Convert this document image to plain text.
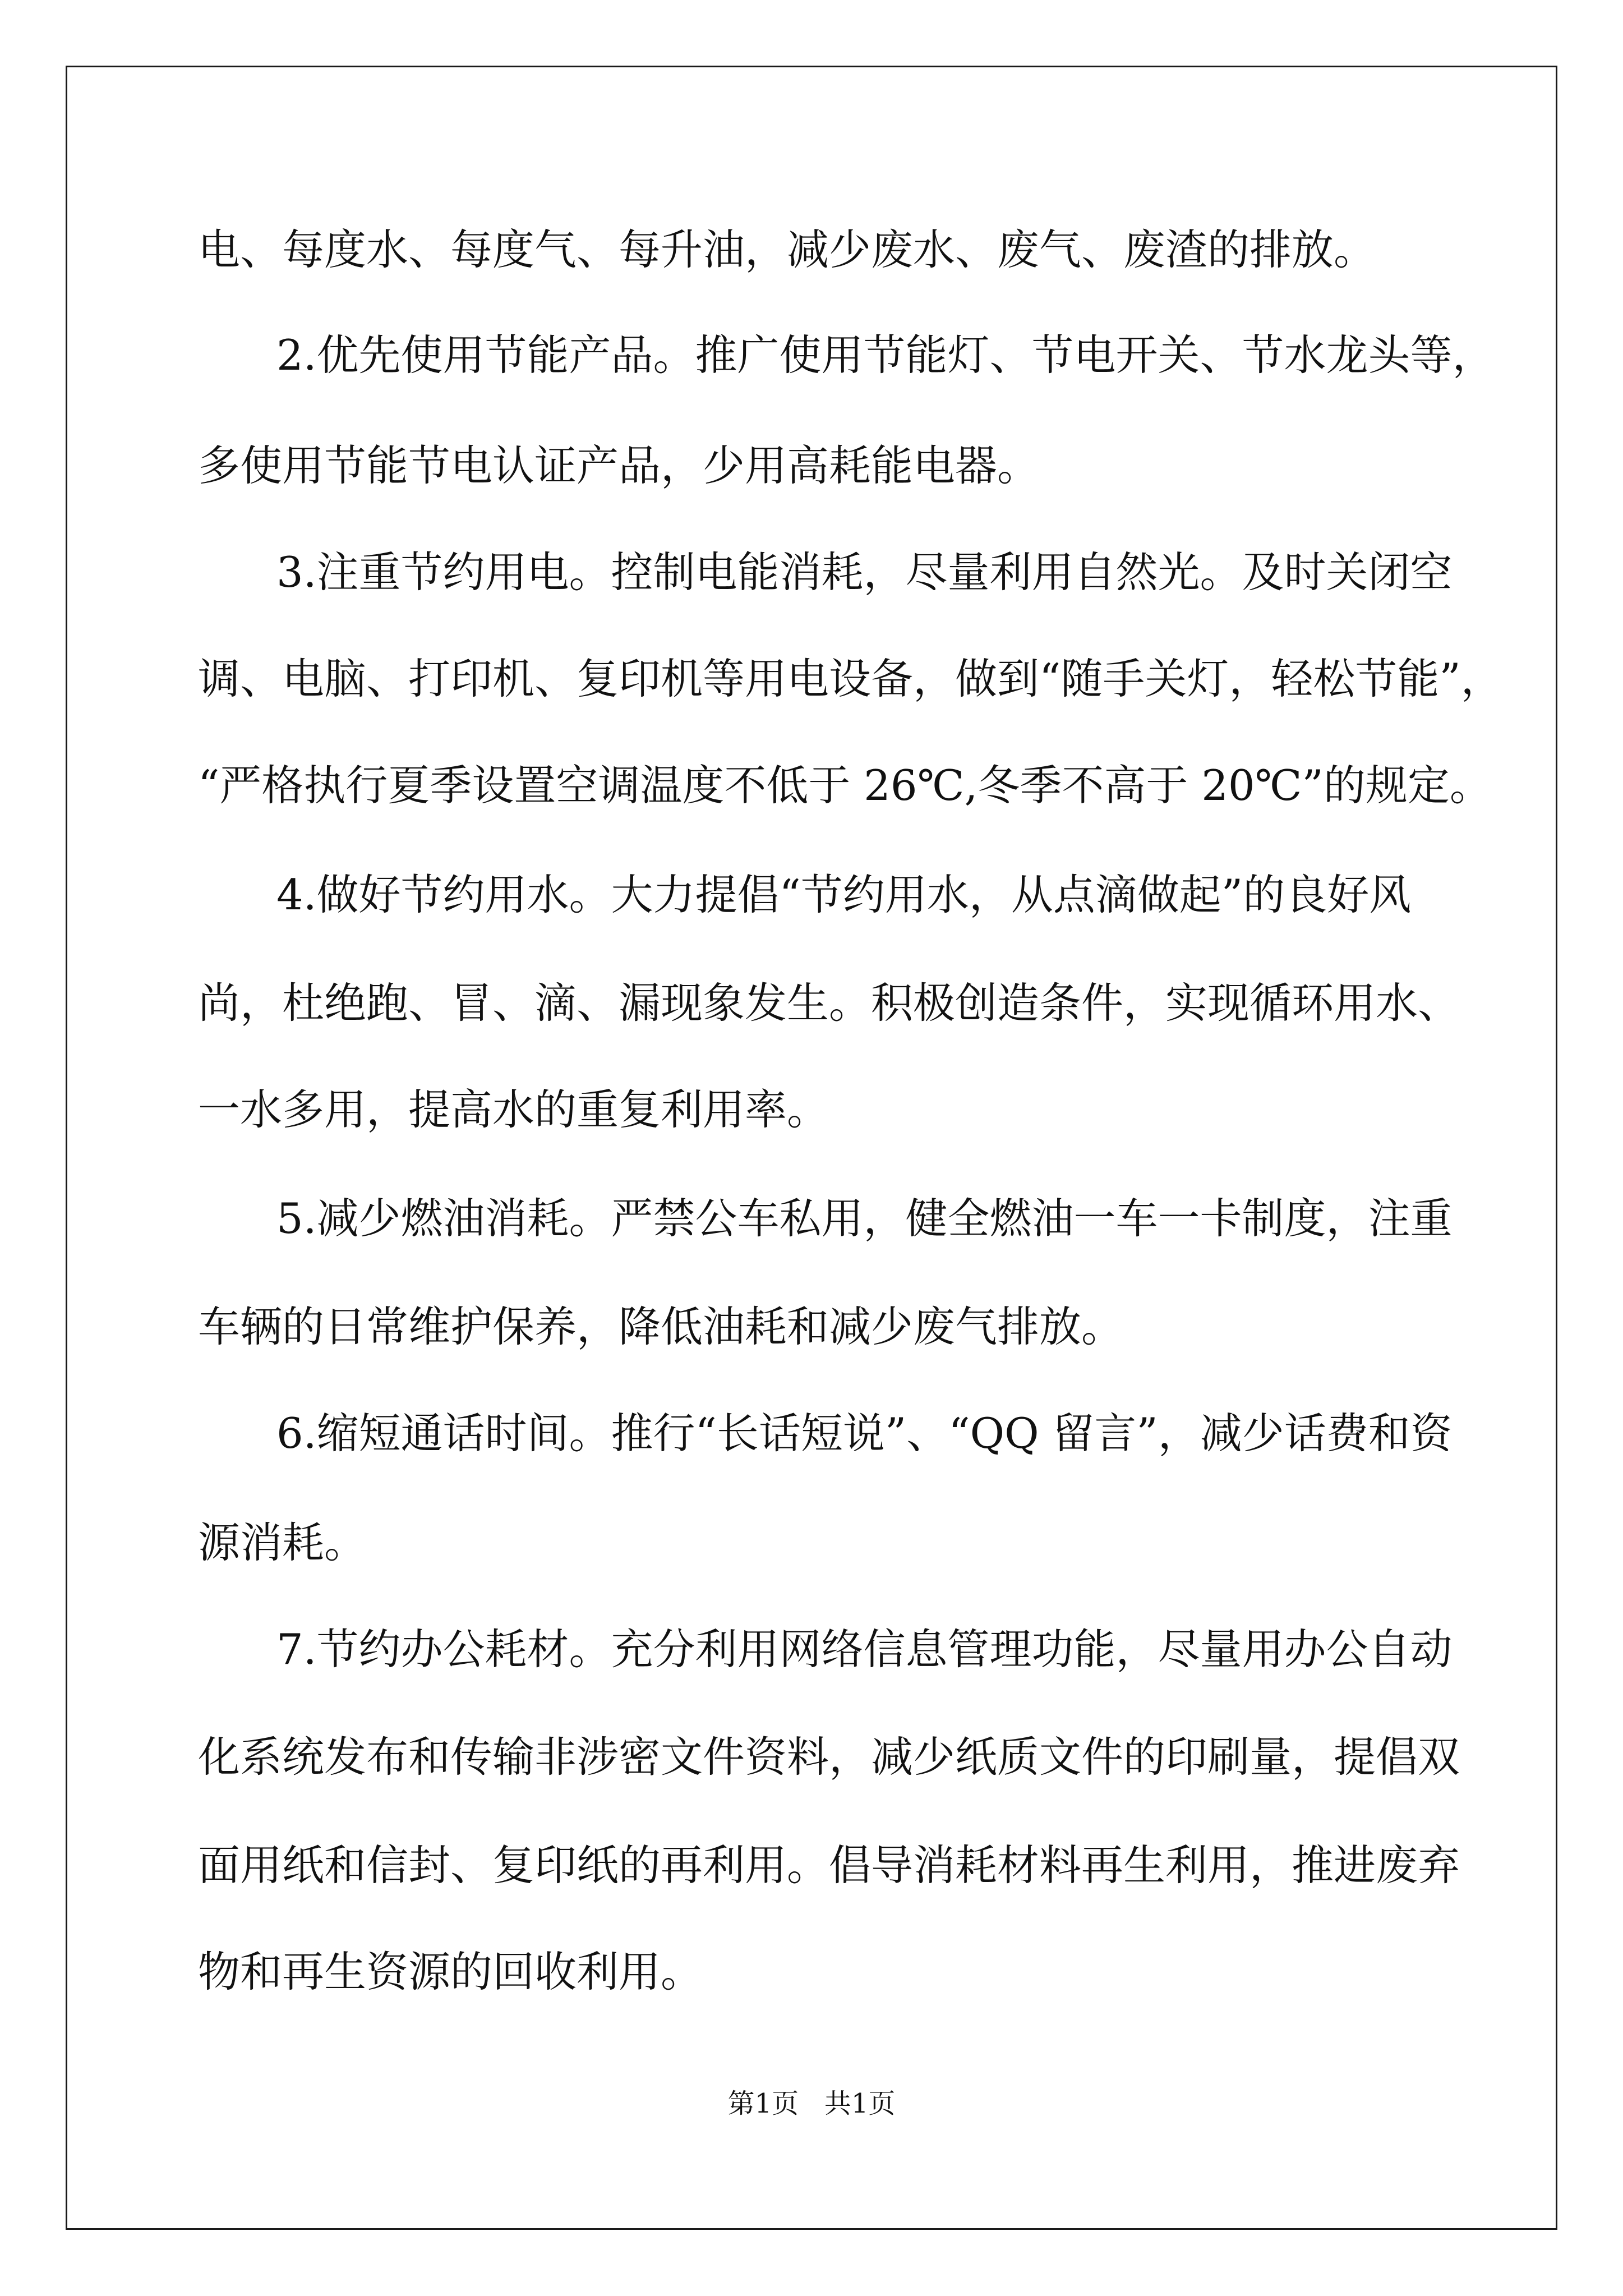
电、每度水、每度气、每升油，减少废水、废气、废渣的排放。
2.优先使用节能产品。推广使用节能灯、节电开关、节水龙头等，
多使用节能节电认证产品，少用高耗能电器。
3.注重节约用电。控制电能消耗，尽量利用自然光。及时关闭空
调、电脑、打印机、复印机等用电设备，做到“随手关灯，轻松节能”，
“严格执行夏季设置空调温度不低于 26℃,冬季不高于 20℃”的规定。
4.做好节约用水。大力提倡“节约用水，从点滴做起”的良好风
尚，杜绝跑、冒、滴、漏现象发生。积极创造条件，实现循环用水、
一水多用，提高水的重复利用率。
5.减少燃油消耗。严禁公车私用，健全燃油一车一卡制度，注重
车辆的日常维护保养，降低油耗和减少废气排放。
6.缩短通话时间。推行“长话短说”、“QQ 留言”，减少话费和资
源消耗。
7.节约办公耗材。充分利用网络信息管理功能，尽量用办公自动
化系统发布和传输非涉密文件资料，减少纸质文件的印刷量，提倡双
面用纸和信封、复印纸的再利用。倡导消耗材料再生利用，推进废弃
物和再生资源的回收利用。
第1页   共1页
